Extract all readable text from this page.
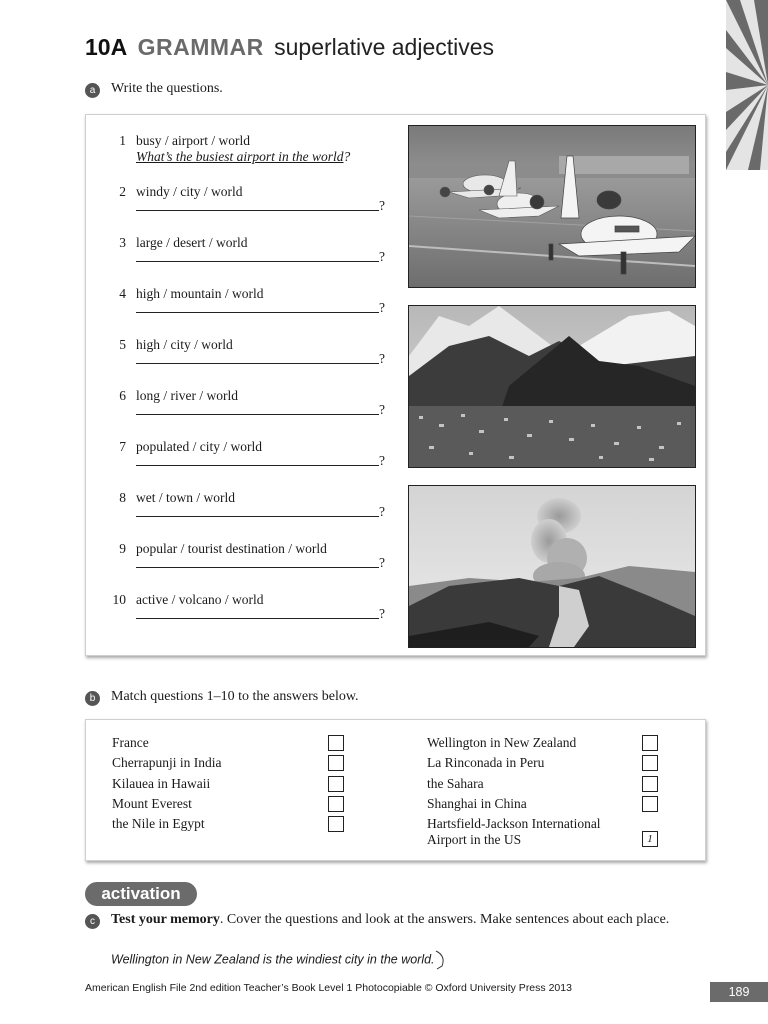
10A GRAMMAR superlative adjectives
a	Write the questions.
1 busy / airport / world
What’s the busiest airport in the world?
2 windy / city / world
?
3 large / desert / world
?
4 high / mountain / world
?
5 high / city / world
?
6 long / river / world
?
7 populated / city / world
?
8 wet / town / world
?
9 popular / tourist destination / world
?
10 active / volcano / world
?
b	Match questions 1–10 to the answers below.
France
Cherrapunji in India
Kilauea in Hawaii
Mount Everest
the Nile in Egypt
Wellington in New Zealand
La Rinconada in Peru
the Sahara
Shanghai in China
Hartsfield-Jackson International
Airport in the US	1
activation
c	Test your memory. Cover the questions and look at the answers. Make sentences about each place.
Wellington in New Zealand is the windiest city in the world.
American English File 2nd edition Teacher’s Book Level 1 Photocopiable © Oxford University Press 2013	189
